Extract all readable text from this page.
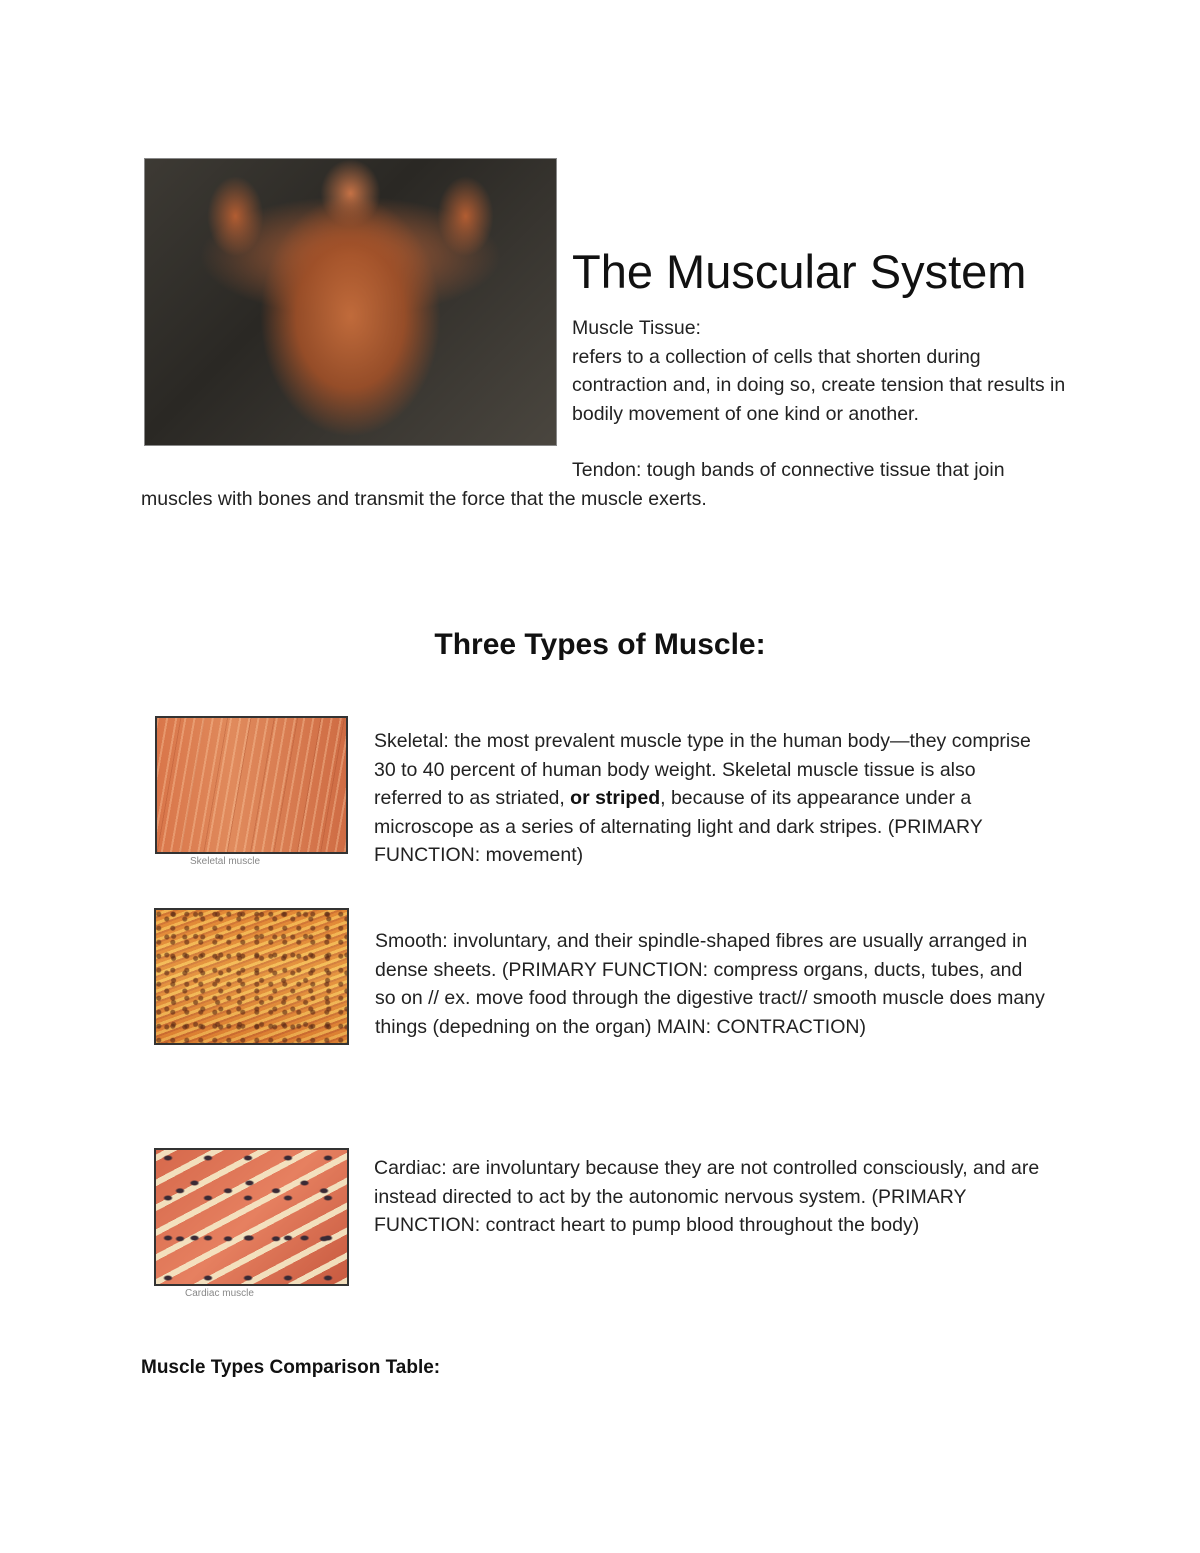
The Muscular System
Muscle Tissue:
refers to a collection of cells that shorten during contraction and, in doing so, create tension that results in bodily movement of one kind or another.
Tendon: tough bands of connective tissue that join muscles with bones and transmit the force that the muscle exerts.
Three Types of Muscle:
Skeletal muscle
Skeletal: the most prevalent muscle type in the human body—they comprise 30 to 40 percent of human body weight. Skeletal muscle tissue is also referred to as striated, or striped, because of its appearance under a microscope as a series of alternating light and dark stripes. (PRIMARY FUNCTION: movement)
Smooth: involuntary, and their spindle-shaped fibres are usually arranged in dense sheets. (PRIMARY FUNCTION: compress organs, ducts, tubes, and so on // ex. move food through the digestive tract// smooth muscle does many things (depedning on the organ) MAIN: CONTRACTION)
Cardiac muscle
Cardiac: are involuntary because they are not controlled consciously, and are instead directed to act by the autonomic nervous system. (PRIMARY FUNCTION: contract heart to pump blood throughout the body)
Muscle Types Comparison Table:
